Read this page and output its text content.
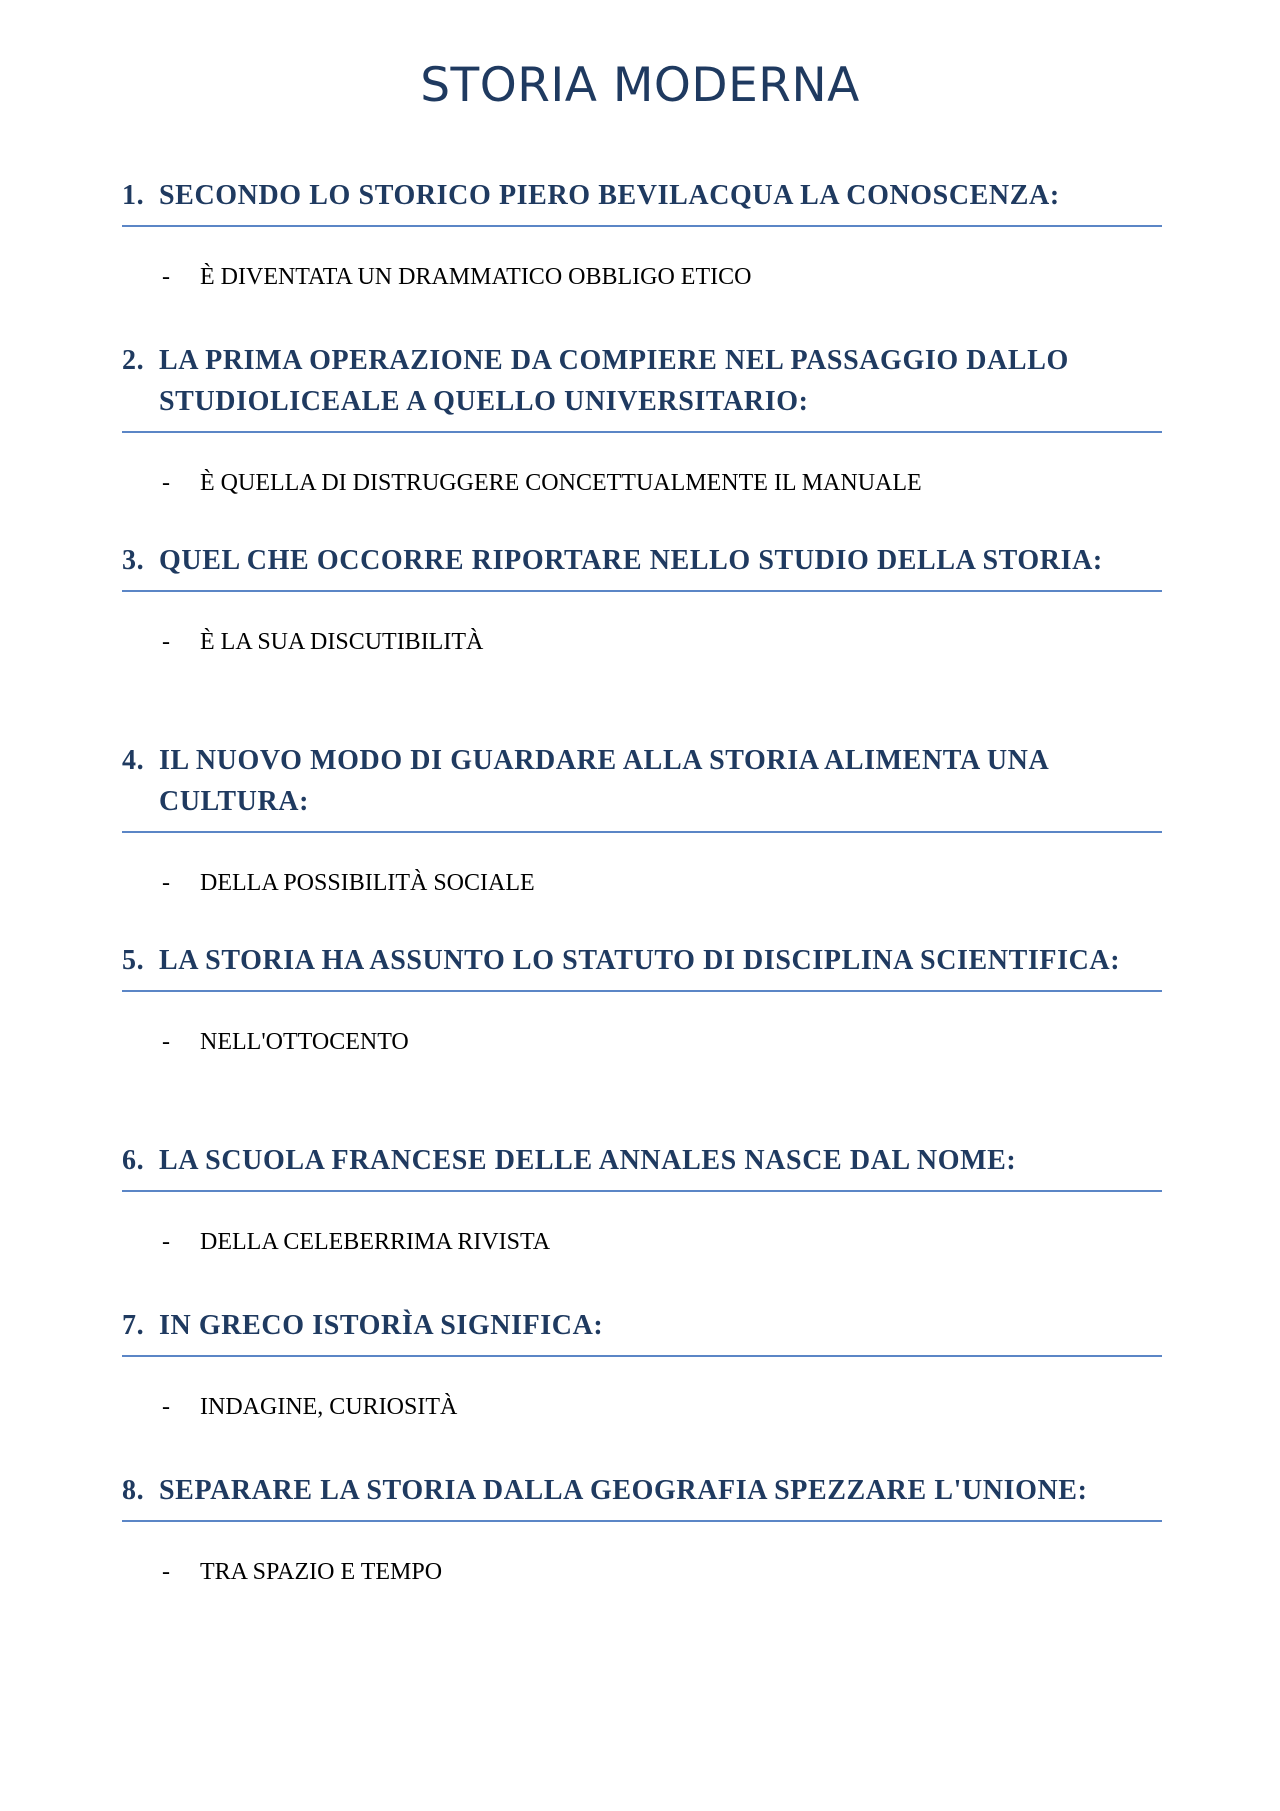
STORIA MODERNA
1. SECONDO LO STORICO PIERO BEVILACQUA LA CONOSCENZA:
- È DIVENTATA UN DRAMMATICO OBBLIGO ETICO
2. LA PRIMA OPERAZIONE DA COMPIERE NEL PASSAGGIO DALLO STUDIOLICEALE A QUELLO UNIVERSITARIO:
- È QUELLA DI DISTRUGGERE CONCETTUALMENTE IL MANUALE
3. QUEL CHE OCCORRE RIPORTARE NELLO STUDIO DELLA STORIA:
- È LA SUA DISCUTIBILITÀ
4. IL NUOVO MODO DI GUARDARE ALLA STORIA ALIMENTA UNA CULTURA:
- DELLA POSSIBILITÀ SOCIALE
5. LA STORIA HA ASSUNTO LO STATUTO DI DISCIPLINA SCIENTIFICA:
- NELL'OTTOCENTO
6. LA SCUOLA FRANCESE DELLE ANNALES NASCE DAL NOME:
- DELLA CELEBERRIMA RIVISTA
7. IN GRECO ISTORÌA SIGNIFICA:
- INDAGINE, CURIOSITÀ
8. SEPARARE LA STORIA DALLA GEOGRAFIA SPEZZARE L'UNIONE:
- TRA SPAZIO E TEMPO
